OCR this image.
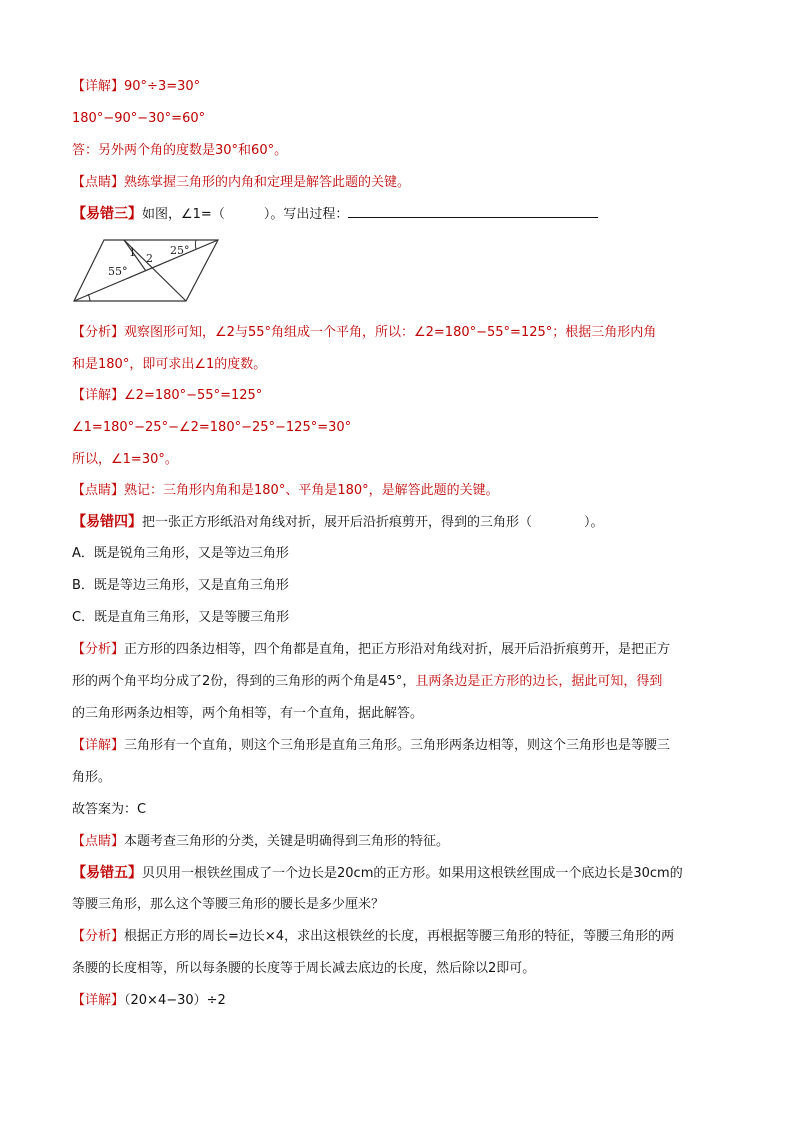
【详解】90°÷3=30°
180°−90°−30°=60°
答：另外两个角的度数是30°和60°。
【点睛】熟练掌握三角形的内角和定理是解答此题的关键。
【易错三】如图，∠1=（　　　）。写出过程：
1 2
25°
55°
【分析】观察图形可知，∠2与55°角组成一个平角，所以：∠2=180°−55°=125°；根据三角形内角
和是180°，即可求出∠1的度数。
【详解】∠2=180°−55°=125°
∠1=180°−25°−∠2=180°−25°−125°=30°
所以，∠1=30°。
【点睛】熟记：三角形内角和是180°、平角是180°，是解答此题的关键。
【易错四】把一张正方形纸沿对角线对折，展开后沿折痕剪开，得到的三角形（　　　　）。
A．既是锐角三角形，又是等边三角形
B．既是等边三角形，又是直角三角形
C．既是直角三角形，又是等腰三角形
【分析】正方形的四条边相等，四个角都是直角，把正方形沿对角线对折，展开后沿折痕剪开，是把正方
形的两个角平均分成了2份，得到的三角形的两个角是45°，且两条边是正方形的边长，据此可知，得到
的三角形两条边相等，两个角相等，有一个直角，据此解答。
【详解】三角形有一个直角，则这个三角形是直角三角形。三角形两条边相等，则这个三角形也是等腰三
角形。
故答案为：C
【点睛】本题考查三角形的分类，关键是明确得到三角形的特征。
【易错五】贝贝用一根铁丝围成了一个边长是20cm的正方形。如果用这根铁丝围成一个底边长是30cm的
等腰三角形，那么这个等腰三角形的腰长是多少厘米？
【分析】根据正方形的周长=边长×4，求出这根铁丝的长度，再根据等腰三角形的特征，等腰三角形的两
条腰的长度相等，所以每条腰的长度等于周长减去底边的长度，然后除以2即可。
【详解】（20×4−30）÷2
